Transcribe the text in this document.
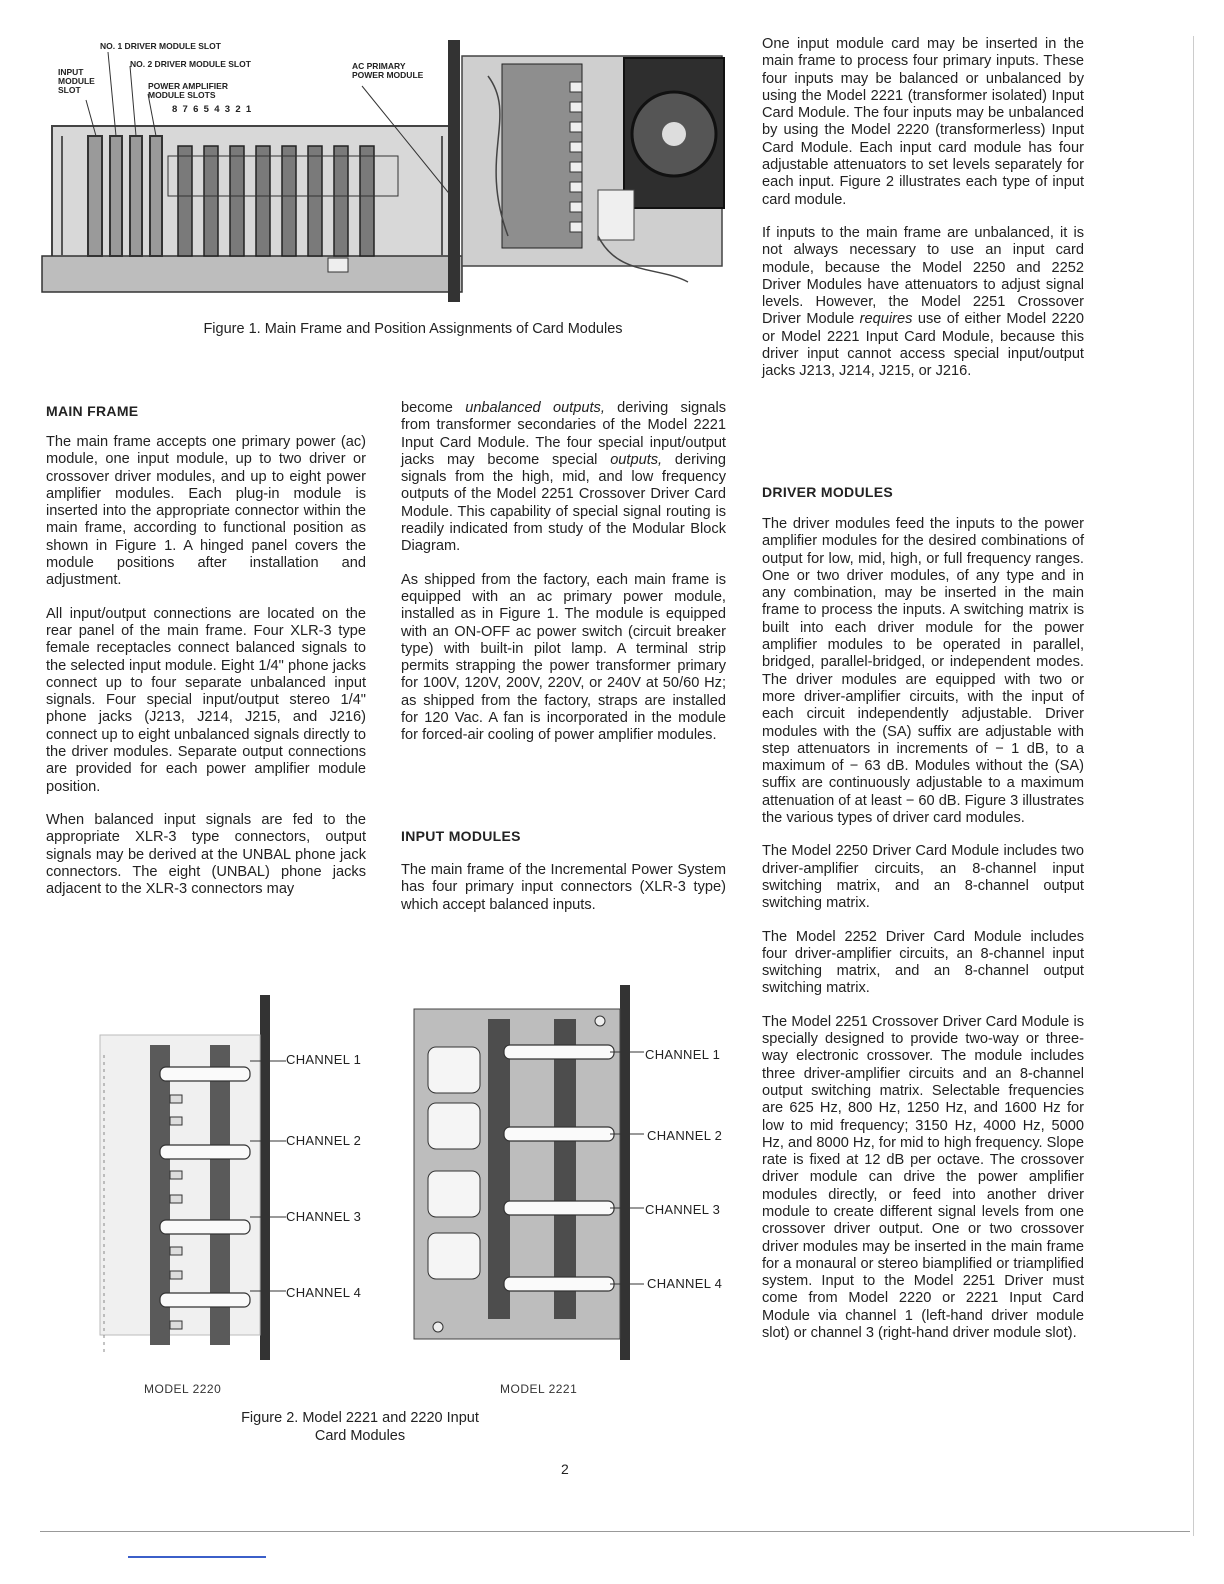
NO. 1 DRIVER MODULE SLOT
NO. 2 DRIVER MODULE SLOT
INPUT
MODULE
SLOT	POWER AMPLIFIER
MODULE SLOTS
8  7  6  5  4  3  2  1
AC PRIMARY
POWER MODULE
Figure 1. Main Frame and Position Assignments of Card Modules
MAIN FRAME

The main frame accepts one primary power (ac) module, one input module, up to two driver or crossover driver modules, and up to eight power amplifier modules. Each plug-in module is inserted into the appropriate connector within the main frame, according to functional position as shown in Figure 1. A hinged panel covers the module positions after installation and adjustment.

All input/output connections are located on the rear panel of the main frame. Four XLR-3 type female receptacles connect balanced signals to the selected input module. Eight 1/4" phone jacks connect up to four separate unbalanced input signals. Four special input/output stereo 1/4" phone jacks (J213, J214, J215, and J216) connect up to eight unbalanced signals directly to the driver modules. Separate output connections are provided for each power amplifier module position.

When balanced input signals are fed to the appropriate XLR-3 type connectors, output signals may be derived at the UNBAL phone jack connectors. The eight (UNBAL) phone jacks adjacent to the XLR-3 connectors may

become unbalanced outputs, deriving signals from transformer secondaries of the Model 2221 Input Card Module. The four special input/output jacks may become special outputs, deriving signals from the high, mid, and low frequency outputs of the Model 2251 Crossover Driver Card Module. This capability of special signal routing is readily indicated from study of the Modular Block Diagram.

As shipped from the factory, each main frame is equipped with an ac primary power module, installed as in Figure 1. The module is equipped with an ON-OFF ac power switch (circuit breaker type) with built-in pilot lamp. A terminal strip permits strapping the power transformer primary for 100V, 120V, 200V, 220V, or 240V at 50/60 Hz; as shipped from the factory, straps are installed for 120 Vac. A fan is incorporated in the module for forced-air cooling of power amplifier modules.

INPUT MODULES

The main frame of the Incremental Power System has four primary input connectors (XLR-3 type) which accept balanced inputs.

One input module card may be inserted in the main frame to process four primary inputs. These four inputs may be balanced or unbalanced by using the Model 2221 (transformer isolated) Input Card Module. The four inputs may be unbalanced by using the Model 2220 (transformerless) Input Card Module. Each input card module has four adjustable attenuators to set levels separately for each input. Figure 2 illustrates each type of input card module.

If inputs to the main frame are unbalanced, it is not always necessary to use an input card module, because the Model 2250 and 2252 Driver Modules have attenuators to adjust signal levels. However, the Model 2251 Crossover Driver Module requires use of either Model 2220 or Model 2221 Input Card Module, because this driver input cannot access special input/output jacks J213, J214, J215, or J216.

DRIVER MODULES

The driver modules feed the inputs to the power amplifier modules for the desired combinations of output for low, mid, high, or full frequency ranges. One or two driver modules, of any type and in any combination, may be inserted in the main frame to process the inputs. A switching matrix is built into each driver module for the power amplifier modules to be operated in parallel, bridged, parallel-bridged, or independent modes. The driver modules are equipped with two or more driver-amplifier circuits, with the input of each circuit independently adjustable. Driver modules with the (SA) suffix are adjustable with step attenuators in increments of − 1 dB, to a maximum of − 63 dB. Modules without the (SA) suffix are continuously adjustable to a maximum attenuation of at least − 60 dB. Figure 3 illustrates the various types of driver card modules.

The Model 2250 Driver Card Module includes two driver-amplifier circuits, an 8-channel input switching matrix, and an 8-channel output switching matrix.

The Model 2252 Driver Card Module includes four driver-amplifier circuits, an 8-channel input switching matrix, and an 8-channel output switching matrix.

The Model 2251 Crossover Driver Card Module is specially designed to provide two-way or three-way electronic crossover. The module includes three driver-amplifier circuits and an 8-channel output switching matrix. Selectable frequencies are 625 Hz, 800 Hz, 1250 Hz, and 1600 Hz for low to mid frequency; 3150 Hz, 4000 Hz, 5000 Hz, and 8000 Hz, for mid to high frequency. Slope rate is fixed at 12 dB per octave. The crossover driver module can drive the power amplifier modules directly, or feed into another driver module to create different signal levels from one crossover driver output. One or two crossover driver modules may be inserted in the main frame for a monaural or stereo biamplified or triamplified system. Input to the Model 2251 Driver must come from Model 2220 or 2221 Input Card Module via channel 1 (left-hand driver module slot) or channel 3 (right-hand driver module slot).

CHANNEL 1
CHANNEL 2
CHANNEL 3
CHANNEL 4
CHANNEL 1
CHANNEL 2
CHANNEL 3
CHANNEL 4
MODEL 2220	MODEL 2221
Figure 2. Model 2221 and 2220 Input
Card Modules
2
